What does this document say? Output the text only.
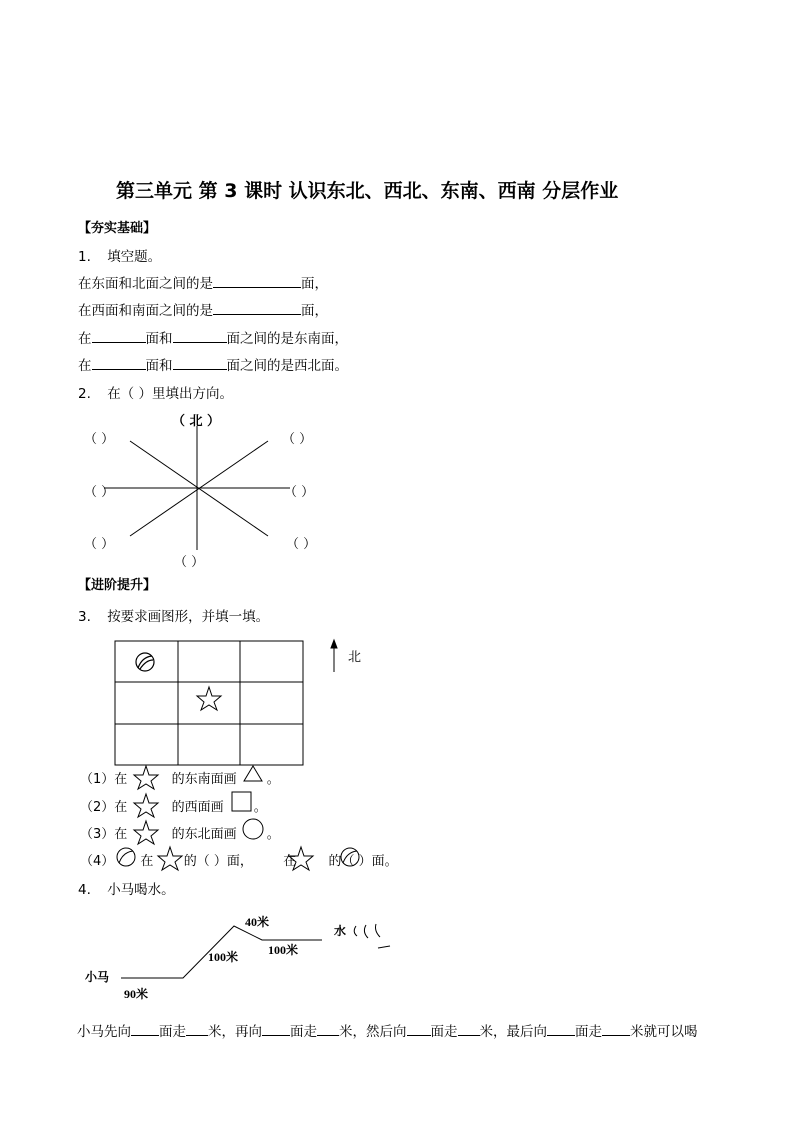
第三单元 第 3 课时 认识东北、西北、东南、西南 分层作业
【夯实基础】
1. 填空题。
在东面和北面之间的是	面，
在西面和南面之间的是	面，
在	面和	面之间的是东南面，
在	面和	面之间的是西北面。
2. 在（ ）里填出方向。
（ 北 ）
（ ）	（ ）
（ ）	（ ）
（ ）	（ ）
（ ）
【进阶提升】
3. 按要求画图形，并填一填。
北
（1）在	的东南面画 。
（2）在	的西面画 。
（3）在	的东北面画 。
（4） 在 的（ ）面， 在 的（ ）面。
4. 小马喝水。
小马
90米
100米
40米
100米
水
小马先向 面走 米，再向 面走 米，然后向 面走 米，最后向 面走 米就可以喝
